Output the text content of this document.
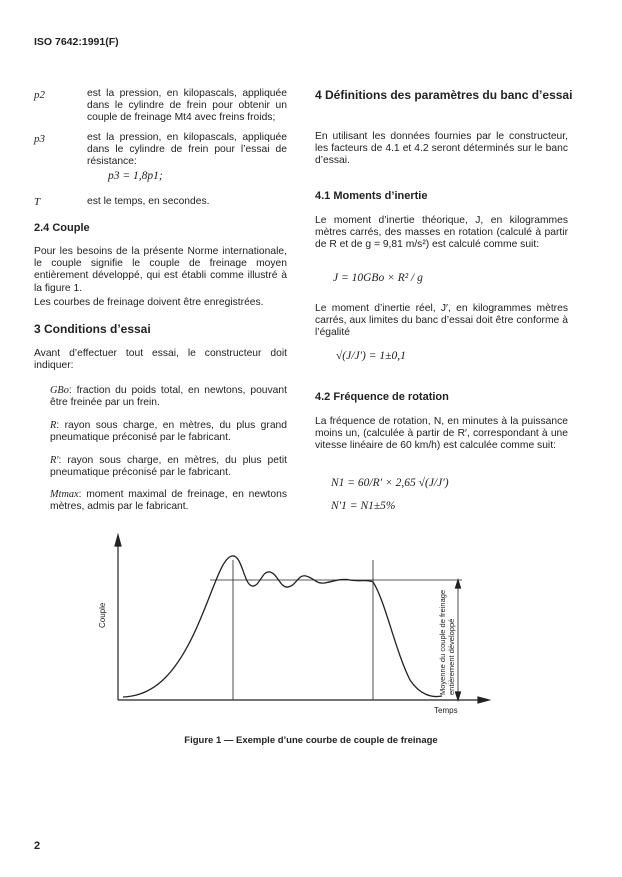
ISO 7642:1991(F)
p2	est la pression, en kilopascals, appliquée dans le cylindre de frein pour obtenir un couple de freinage Mt4 avec freins froids;
p3	est la pression, en kilopascals, appliquée dans le cylindre de frein pour l’essai de résistance:
p3 = 1,8p1;
T	est le temps, en secondes.
2.4 Couple
Pour les besoins de la présente Norme internationale, le couple signifie le couple de freinage moyen entièrement développé, qui est établi comme illustré à la figure 1.
Les courbes de freinage doivent être enregistrées.
3 Conditions d’essai
Avant d’effectuer tout essai, le constructeur doit indiquer:
GBo: fraction du poids total, en newtons, pouvant être freinée par un frein.
R: rayon sous charge, en mètres, du plus grand pneumatique préconisé par le fabricant.
R′: rayon sous charge, en mètres, du plus petit pneumatique préconisé par le fabricant.
Mtmax: moment maximal de freinage, en newtons mètres, admis par le fabricant.
4 Définitions des paramètres du banc d’essai
En utilisant les données fournies par le constructeur, les facteurs de 4.1 et 4.2 seront déterminés sur le banc d’essai.
4.1 Moments d’inertie
Le moment d’inertie théorique, J, en kilogrammes mètres carrés, des masses en rotation (calculé à partir de R et de g = 9,81 m/s²) est calculé comme suit:
J = 10GBo × R² / g
Le moment d’inertie réel, J′, en kilogrammes mètres carrés, aux limites du banc d’essai doit être conforme à l’égalité
√(J/J′) = 1±0,1
4.2 Fréquence de rotation
La fréquence de rotation, N, en minutes à la puissance moins un, (calculée à partir de R′, correspondant à une vitesse linéaire de 60 km/h) est calculée comme suit:
N1 = 60/R′ × 2,65 √(J/J′)
N′1 = N1±5%
Couple
Temps
Moyenne du couple de freinage entièrement développé
Figure 1 — Exemple d’une courbe de couple de freinage
2
